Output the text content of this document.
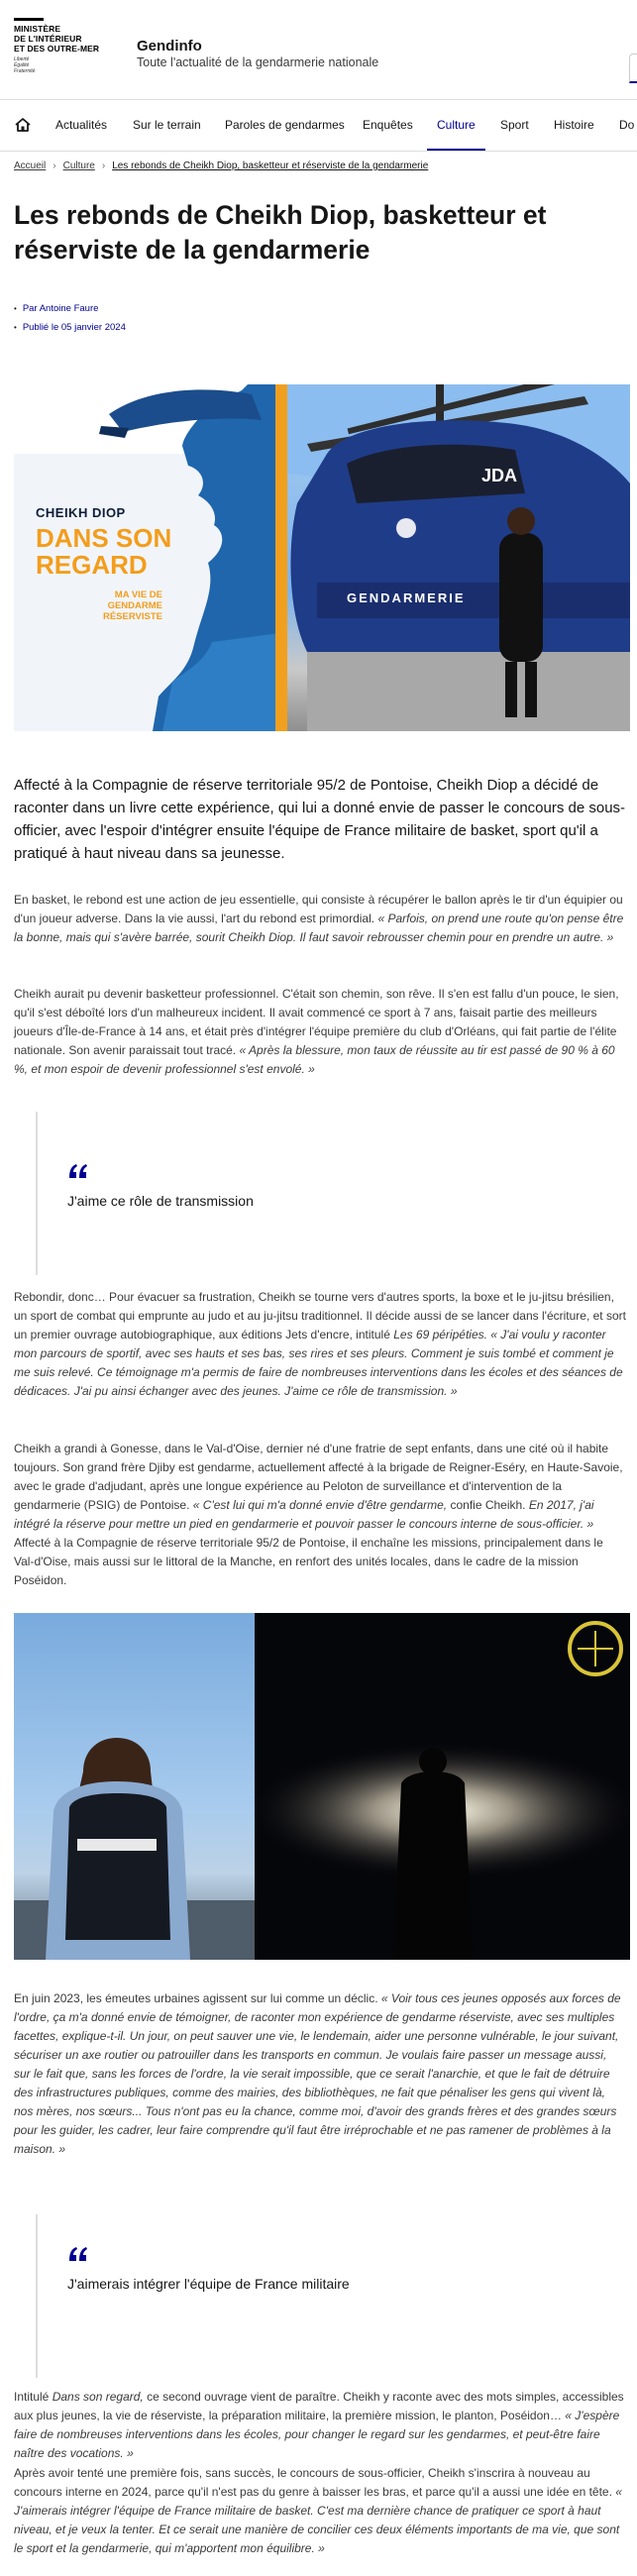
MINISTÈRE
DE L'INTÉRIEUR
ET DES OUTRE-MER
Liberté
Égalité
Fraternité
Gendinfo
Toute l'actualité de la gendarmerie nationale
Actualités Sur le terrain Paroles de gendarmes Enquêtes Culture Sport Histoire Do
Accueil › Culture › Les rebonds de Cheikh Diop, basketteur et réserviste de la gendarmerie
Les rebonds de Cheikh Diop, basketteur et réserviste de la gendarmerie
• Par Antoine Faure
• Publié le 05 janvier 2024
CHEIKH DIOP
DANS SON
REGARD
MA VIE DE GENDARME RÉSERVISTE
JDA
GENDARMERIE

Affecté à la Compagnie de réserve territoriale 95/2 de Pontoise, Cheikh Diop a décidé de raconter dans un livre cette expérience, qui lui a donné envie de passer le concours de sous-officier, avec l'espoir d'intégrer ensuite l'équipe de France militaire de basket, sport qu'il a pratiqué à haut niveau dans sa jeunesse.

En basket, le rebond est une action de jeu essentielle, qui consiste à récupérer le ballon après le tir d'un équipier ou d'un joueur adverse. Dans la vie aussi, l'art du rebond est primordial. « Parfois, on prend une route qu'on pense être la bonne, mais qui s'avère barrée, sourit Cheikh Diop. Il faut savoir rebrousser chemin pour en prendre un autre. »

Cheikh aurait pu devenir basketteur professionnel. C'était son chemin, son rêve. Il s'en est fallu d'un pouce, le sien, qu'il s'est déboîté lors d'un malheureux incident. Il avait commencé ce sport à 7 ans, faisait partie des meilleurs joueurs d'Île-de-France à 14 ans, et était près d'intégrer l'équipe première du club d'Orléans, qui fait partie de l'élite nationale. Son avenir paraissait tout tracé. « Après la blessure, mon taux de réussite au tir est passé de 90 % à 60 %, et mon espoir de devenir professionnel s'est envolé. »

J'aime ce rôle de transmission

Rebondir, donc… Pour évacuer sa frustration, Cheikh se tourne vers d'autres sports, la boxe et le ju-jitsu brésilien, un sport de combat qui emprunte au judo et au ju-jitsu traditionnel. Il décide aussi de se lancer dans l'écriture, et sort un premier ouvrage autobiographique, aux éditions Jets d'encre, intitulé Les 69 péripéties. « J'ai voulu y raconter mon parcours de sportif, avec ses hauts et ses bas, ses rires et ses pleurs. Comment je suis tombé et comment je me suis relevé. Ce témoignage m'a permis de faire de nombreuses interventions dans les écoles et des séances de dédicaces. J'ai pu ainsi échanger avec des jeunes. J'aime ce rôle de transmission. »

Cheikh a grandi à Gonesse, dans le Val-d'Oise, dernier né d'une fratrie de sept enfants, dans une cité où il habite toujours. Son grand frère Djiby est gendarme, actuellement affecté à la brigade de Reigner-Eséry, en Haute-Savoie, avec le grade d'adjudant, après une longue expérience au Peloton de surveillance et d'intervention de la gendarmerie (PSIG) de Pontoise. « C'est lui qui m'a donné envie d'être gendarme, confie Cheikh. En 2017, j'ai intégré la réserve pour mettre un pied en gendarmerie et pouvoir passer le concours interne de sous-officier. » Affecté à la Compagnie de réserve territoriale 95/2 de Pontoise, il enchaîne les missions, principalement dans le Val-d'Oise, mais aussi sur le littoral de la Manche, en renfort des unités locales, dans le cadre de la mission Poséidon.

En juin 2023, les émeutes urbaines agissent sur lui comme un déclic. « Voir tous ces jeunes opposés aux forces de l'ordre, ça m'a donné envie de témoigner, de raconter mon expérience de gendarme réserviste, avec ses multiples facettes, explique-t-il. Un jour, on peut sauver une vie, le lendemain, aider une personne vulnérable, le jour suivant, sécuriser un axe routier ou patrouiller dans les transports en commun. Je voulais faire passer un message aussi, sur le fait que, sans les forces de l'ordre, la vie serait impossible, que ce serait l'anarchie, et que le fait de détruire des infrastructures publiques, comme des mairies, des bibliothèques, ne fait que pénaliser les gens qui vivent là, nos mères, nos sœurs... Tous n'ont pas eu la chance, comme moi, d'avoir des grands frères et des grandes sœurs pour les guider, les cadrer, leur faire comprendre qu'il faut être irréprochable et ne pas ramener de problèmes à la maison. »

J'aimerais intégrer l'équipe de France militaire

Intitulé Dans son regard, ce second ouvrage vient de paraître. Cheikh y raconte avec des mots simples, accessibles aux plus jeunes, la vie de réserviste, la préparation militaire, la première mission, le planton, Poséidon… « J'espère faire de nombreuses interventions dans les écoles, pour changer le regard sur les gendarmes, et peut-être faire naître des vocations. »

Après avoir tenté une première fois, sans succès, le concours de sous-officier, Cheikh s'inscrira à nouveau au concours interne en 2024, parce qu'il n'est pas du genre à baisser les bras, et parce qu'il a aussi une idée en tête. « J'aimerais intégrer l'équipe de France militaire de basket. C'est ma dernière chance de pratiquer ce sport à haut niveau, et je veux la tenter. Et ce serait une manière de concilier ces deux éléments importants de ma vie, que sont le sport et la gendarmerie, qui m'apportent mon équilibre. »
